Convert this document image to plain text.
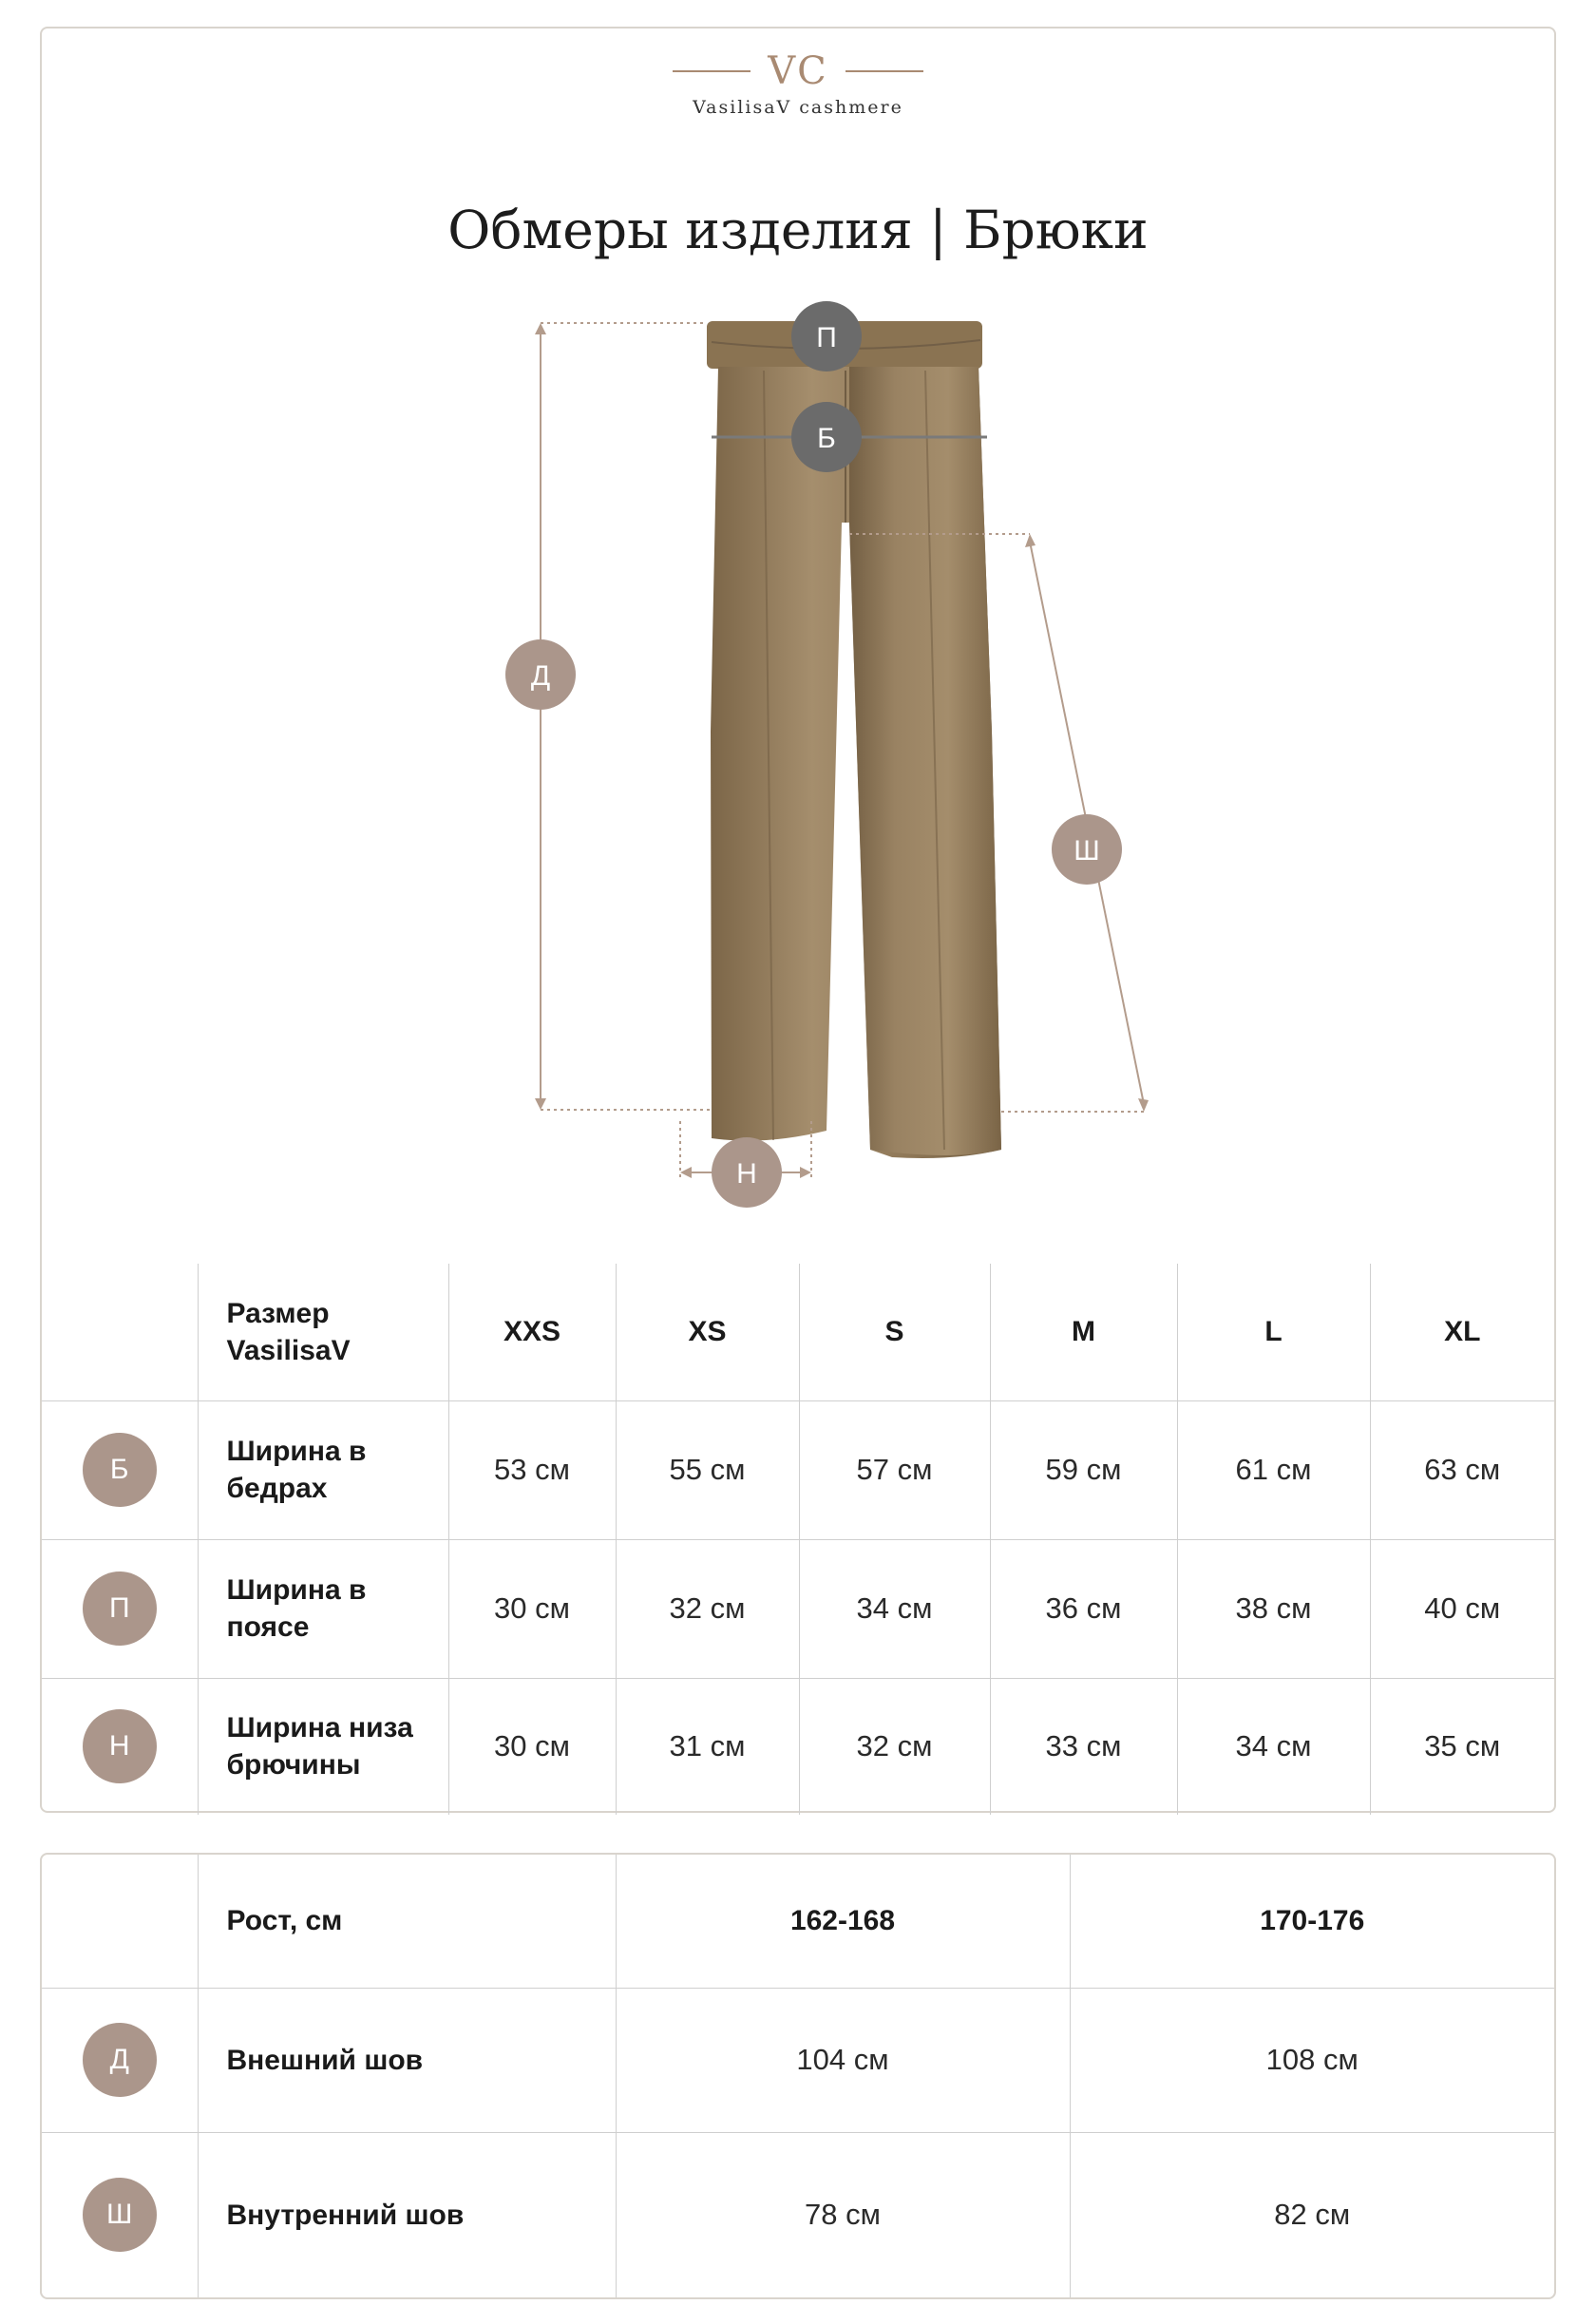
VC
VasilisaV cashmere
Обмеры изделия | Брюки
П
Б
Д
Ш
Н
	Размер VasilisaV	XXS	XS	S	M	L	XL

Б	Ширина в бедрах	53 см	55 см	57 см	59 см	61 см	63 см

П	Ширина в поясе	30 см	32 см	34 см	36 см	38 см	40 см

Н	Ширина низа брючины	30 см	31 см	32 см	33 см	34 см	35 см
	Рост, см	162-168	170-176

Д	Внешний шов	104 см	108 см

Ш	Внутренний шов	78 см	82 см
